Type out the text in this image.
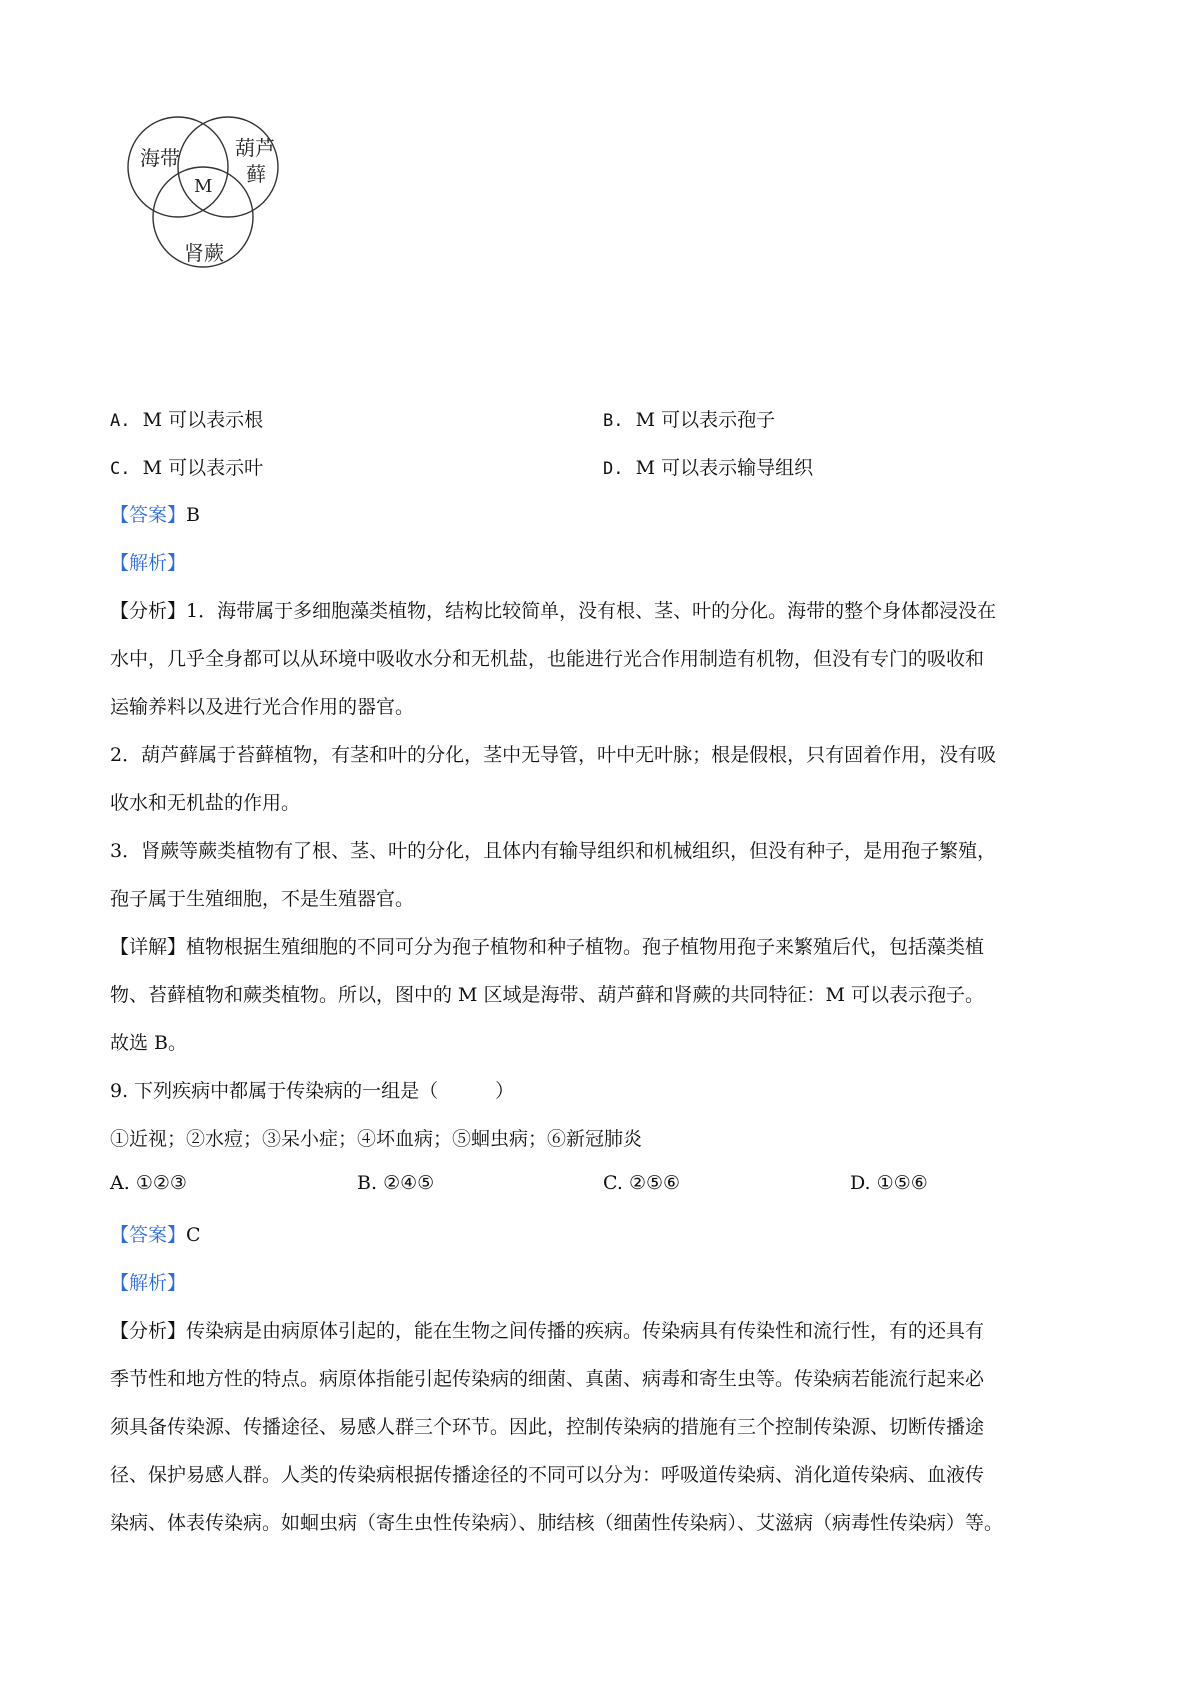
海带	葫芦
藓
M
肾蕨
A. M 可以表示根	B. M 可以表示孢子
C. M 可以表示叶	D. M 可以表示输导组织
【答案】B
【解析】
【分析】1．海带属于多细胞藻类植物，结构比较简单，没有根、茎、叶的分化。海带的整个身体都浸没在
水中，几乎全身都可以从环境中吸收水分和无机盐，也能进行光合作用制造有机物，但没有专门的吸收和
运输养料以及进行光合作用的器官。
2．葫芦藓属于苔藓植物，有茎和叶的分化，茎中无导管，叶中无叶脉；根是假根，只有固着作用，没有吸
收水和无机盐的作用。
3．肾蕨等蕨类植物有了根、茎、叶的分化，且体内有输导组织和机械组织，但没有种子，是用孢子繁殖，
孢子属于生殖细胞，不是生殖器官。
【详解】植物根据生殖细胞的不同可分为孢子植物和种子植物。孢子植物用孢子来繁殖后代，包括藻类植
物、苔藓植物和蕨类植物。所以，图中的 M 区域是海带、葫芦藓和肾蕨的共同特征：M 可以表示孢子。
故选 B。
9. 下列疾病中都属于传染病的一组是（　　　）
①近视；②水痘；③呆小症；④坏血病；⑤蛔虫病；⑥新冠肺炎
A. ①②③	B. ②④⑤	C. ②⑤⑥	D. ①⑤⑥
【答案】C
【解析】
【分析】传染病是由病原体引起的，能在生物之间传播的疾病。传染病具有传染性和流行性，有的还具有
季节性和地方性的特点。病原体指能引起传染病的细菌、真菌、病毒和寄生虫等。传染病若能流行起来必
须具备传染源、传播途径、易感人群三个环节。因此，控制传染病的措施有三个控制传染源、切断传播途
径、保护易感人群。人类的传染病根据传播途径的不同可以分为：呼吸道传染病、消化道传染病、血液传
染病、体表传染病。如蛔虫病（寄生虫性传染病）、肺结核（细菌性传染病）、艾滋病（病毒性传染病）等。
